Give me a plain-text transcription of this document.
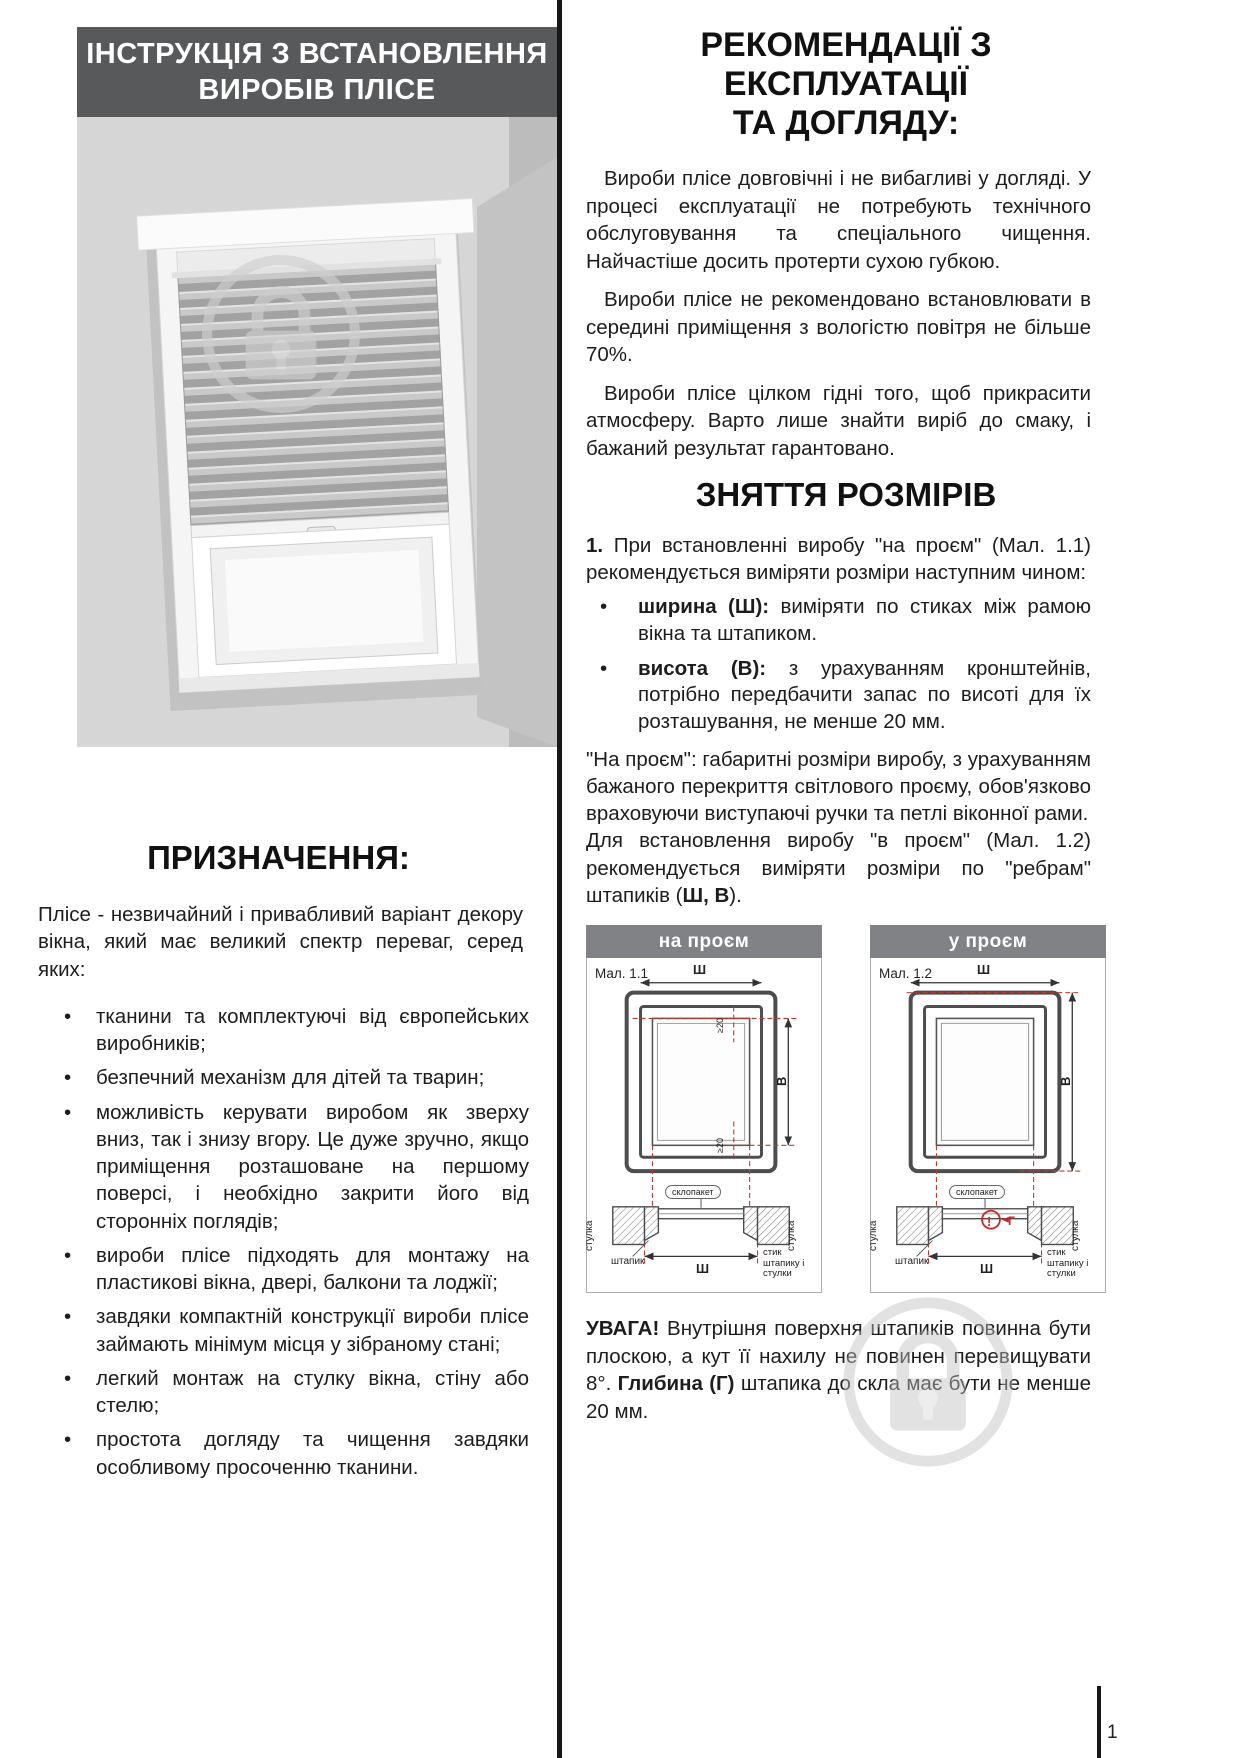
ІНСТРУКЦІЯ З ВСТАНОВЛЕННЯ
ВИРОБІВ ПЛІСЕ
ПРИЗНАЧЕННЯ:

Плісе - незвичайний і привабливий варіант декору вікна, який має великий спектр переваг, серед яких:

• тканини та комплектуючі від європейських виробників;
• безпечний механізм для дітей та тварин;
• можливість керувати виробом як зверху вниз, так і знизу вгору. Це дуже зручно, якщо приміщення розташоване на першому поверсі, і необхідно закрити його від сторонніх поглядів;
• вироби плісе підходять для монтажу на пластикові вікна, двері, балкони та лоджії;
• завдяки компактній конструкції вироби плісе займають мінімум місця у зібраному стані;
• легкий монтаж на стулку вікна, стіну або стелю;
• простота догляду та чищення завдяки особливому просоченню тканини.
РЕКОМЕНДАЦІЇ З ЕКСПЛУАТАЦІЇ
ТА ДОГЛЯДУ:

Вироби плісе довговічні і не вибагливі у догляді. У процесі експлуатації не потребують технічного обслуговування та спеціального чищення. Найчастіше досить протерти сухою губкою.

Вироби плісе не рекомендовано встановлювати в середині приміщення з вологістю повітря не більше 70%.

Вироби плісе цілком гідні того, щоб прикрасити атмосферу. Варто лише знайти виріб до смаку, і бажаний результат гарантовано.

ЗНЯТТЯ РОЗМІРІВ

1. При встановленні виробу "на проєм" (Мал. 1.1) рекомендується виміряти розміри наступним чином:

• ширина (Ш): виміряти по стиках між рамою вікна та штапиком.
• висота (В): з урахуванням кронштейнів, потрібно передбачити запас по висоті для їх розташування, не менше 20 мм.

"На проєм": габаритні розміри виробу, з урахуванням бажаного перекриття світлового проєму, обов'язково враховуючи виступаючі ручки та петлі віконної рами.

Для встановлення виробу "в проєм" (Мал. 1.2) рекомендується виміряти розміри по "ребрам" штапиків (Ш, В).

на проєм
Мал. 1.1	Ш
В
≥20
≥20
склопакет
стулка	стулка
штапик	Ш
стик штапику і стулки
у проєм
Мал. 1.2	Ш
В
склопакет
стулка	стулка
! Г
штапик	Ш
стик штапику і стулки

УВАГА! Внутрішня поверхня штапиків повинна бути плоскою, а кут її нахилу не повинен перевищувати 8°. Глибина (Г) штапика до скла має бути не менше 20 мм.

1
